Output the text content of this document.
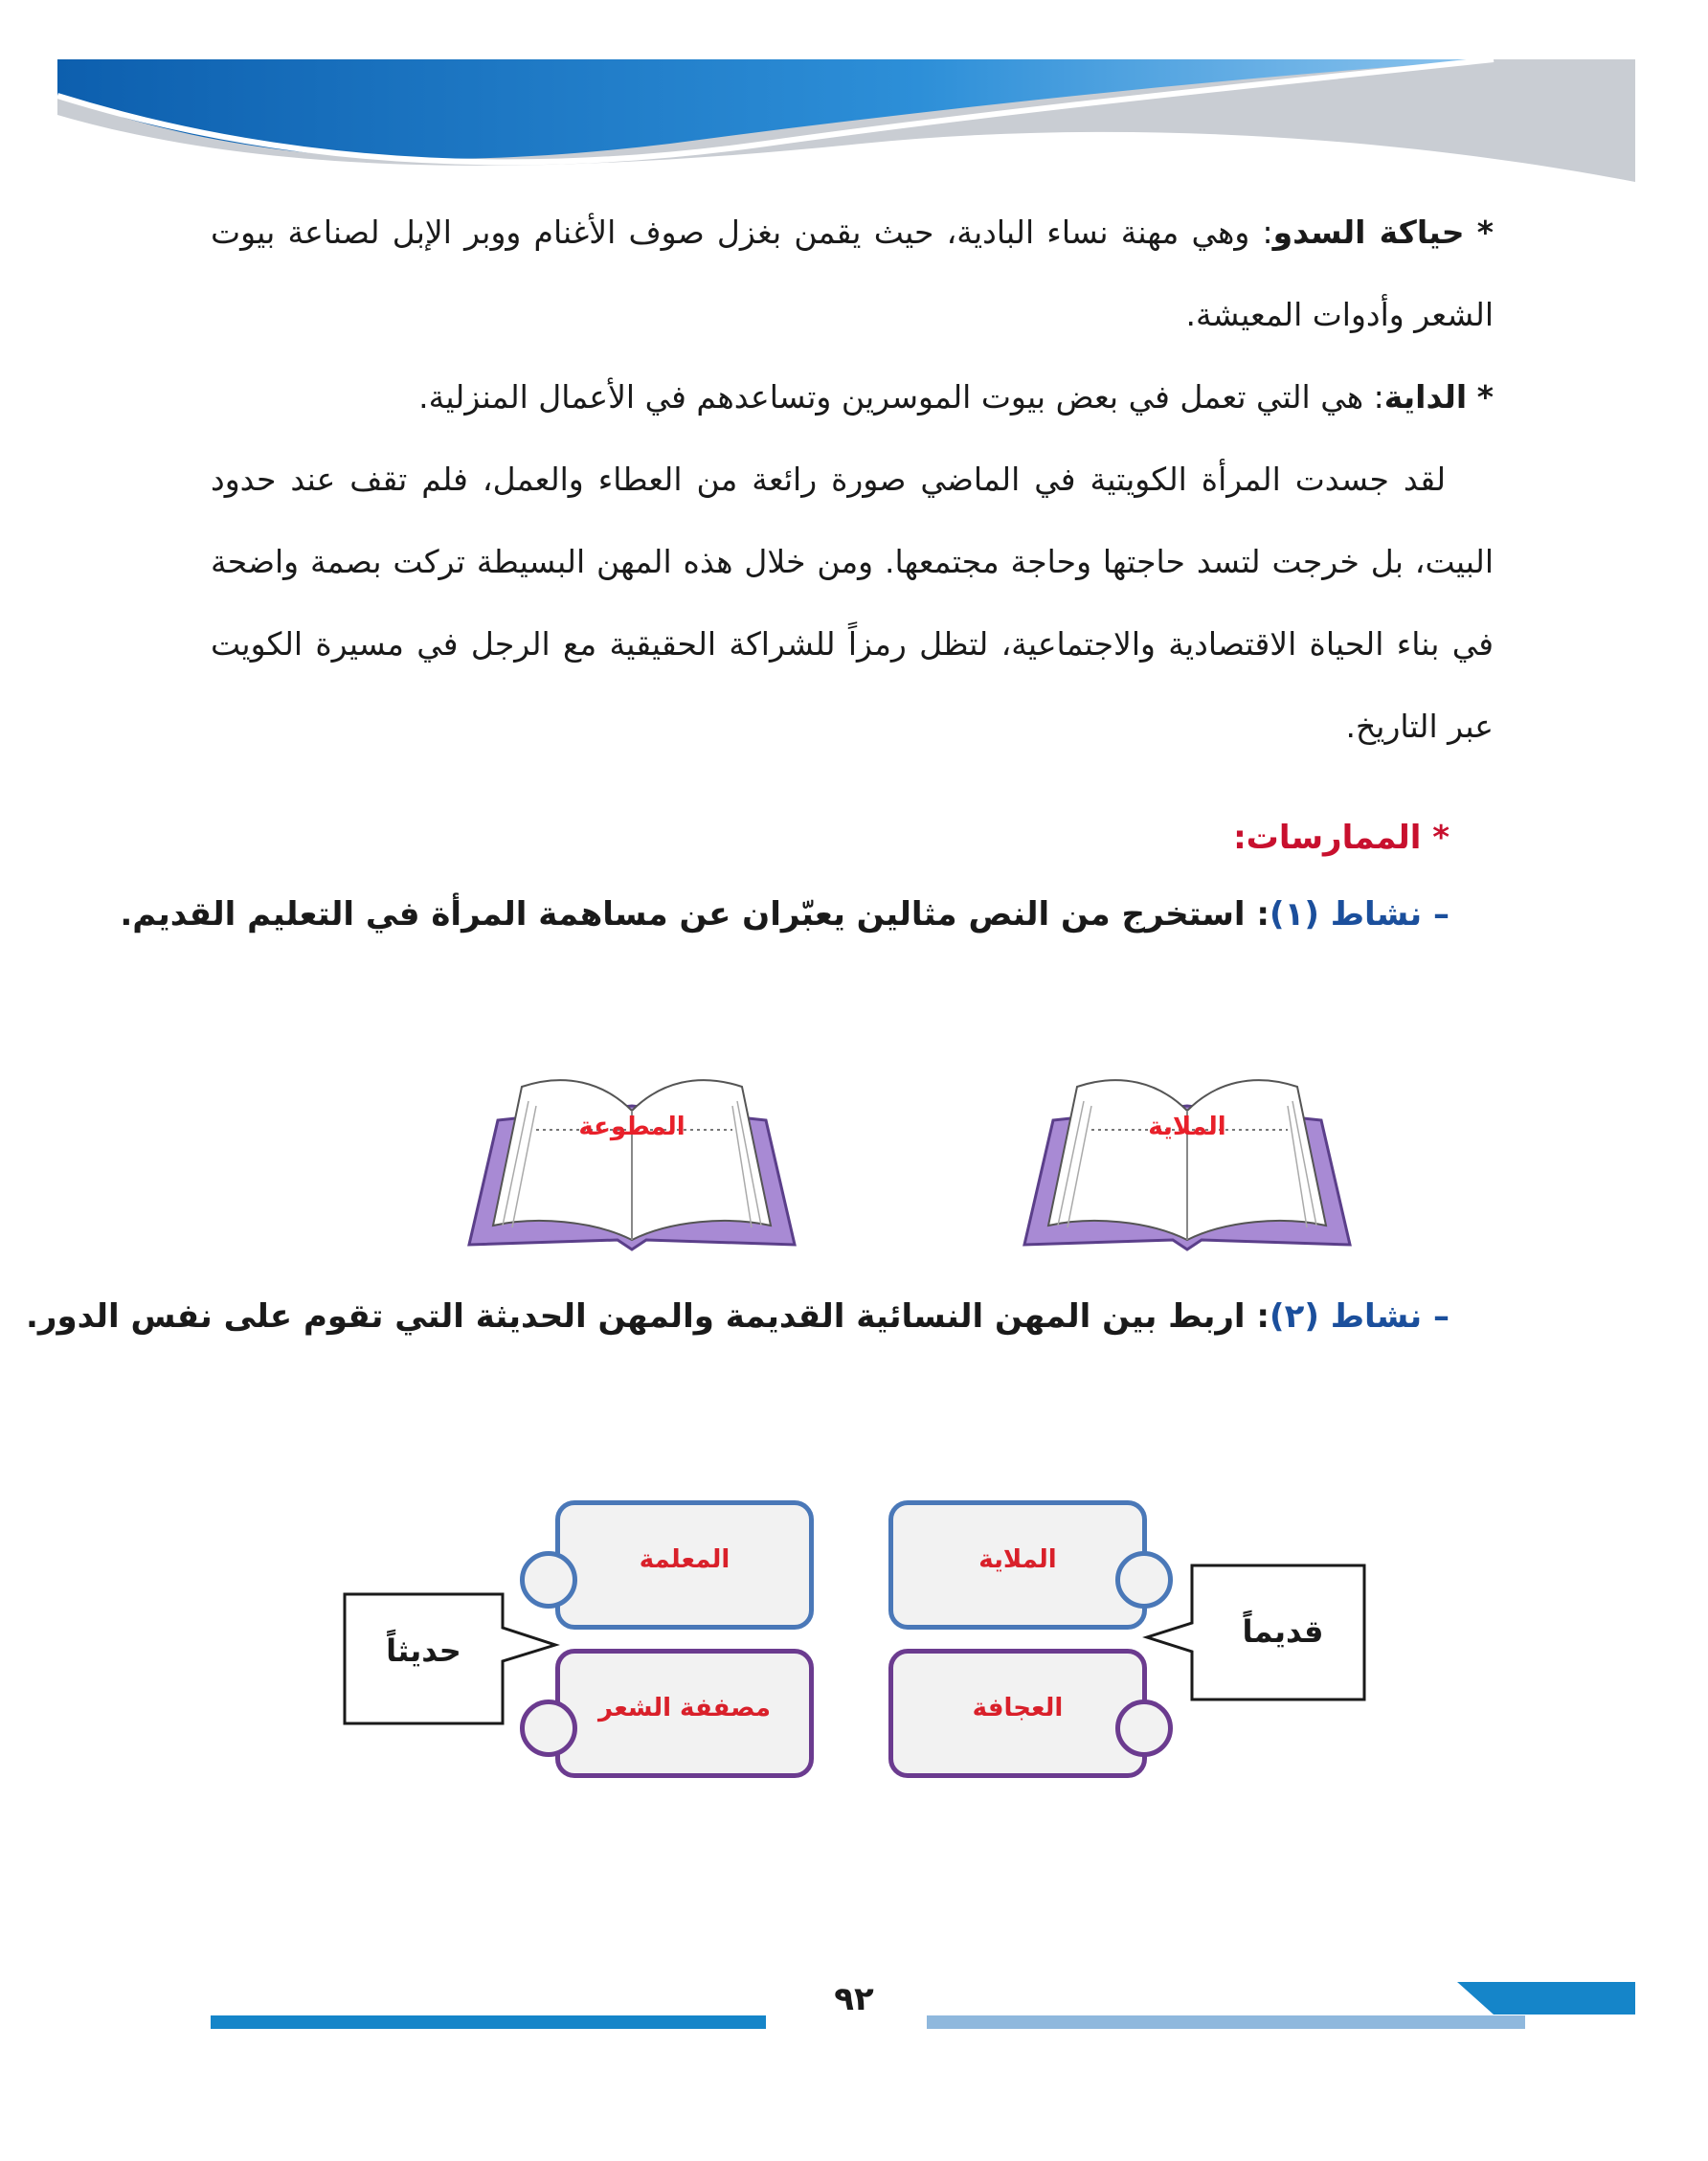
* حياكة السدو: وهي مهنة نساء البادية، حيث يقمن بغزل صوف الأغنام ووبر الإبل لصناعة بيوت الشعر وأدوات المعيشة.

* الداية: هي التي تعمل في بعض بيوت الموسرين وتساعدهم في الأعمال المنزلية.

لقد جسدت المرأة الكويتية في الماضي صورة رائعة من العطاء والعمل، فلم تقف عند حدود البيت، بل خرجت لتسد حاجتها وحاجة مجتمعها. ومن خلال هذه المهن البسيطة تركت بصمة واضحة في بناء الحياة الاقتصادية والاجتماعية، لتظل رمزاً للشراكة الحقيقية مع الرجل في مسيرة الكويت عبر التاريخ.

* الممارسات:
– نشاط (١): استخرج من النص مثالين يعبّران عن مساهمة المرأة في التعليم القديم.
الملاية
المطوعة
– نشاط (٢): اربط بين المهن النسائية القديمة والمهن الحديثة التي تقوم على نفس الدور.
الملاية
العجافة
قديماً
المعلمة
مصففة الشعر
حديثاً
٩٢
